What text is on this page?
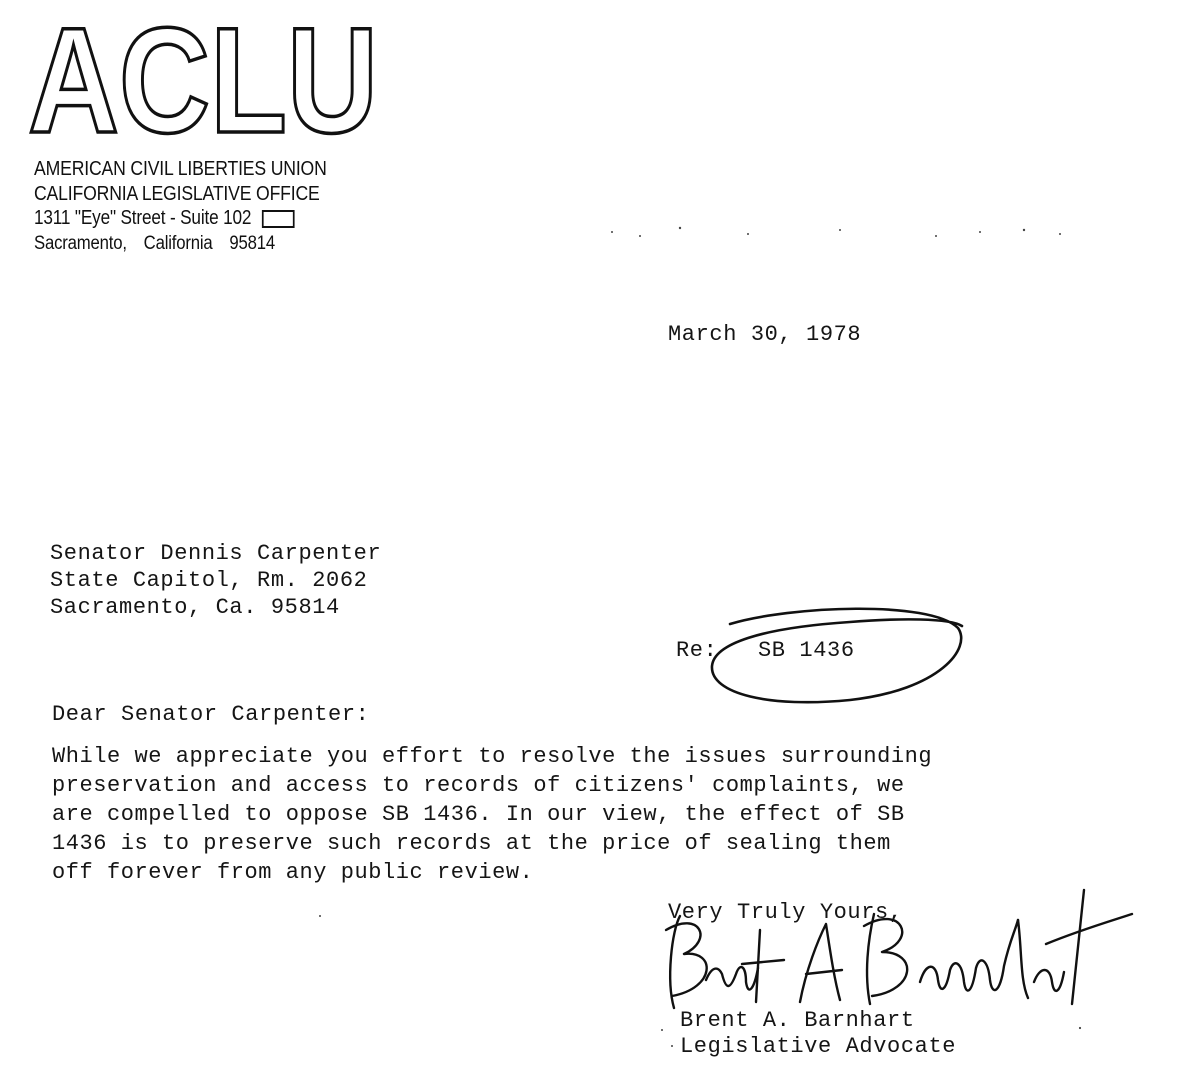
ACLU
AMERICAN CIVIL LIBERTIES UNION
CALIFORNIA LEGISLATIVE OFFICE
1311 "Eye" Street - Suite 102
Sacramento, California 95814
March 30, 1978
Senator Dennis Carpenter
State Capitol, Rm. 2062
Sacramento, Ca. 95814
Re: SB 1436
Dear Senator Carpenter:
While we appreciate you effort to resolve the issues surrounding
preservation and access to records of citizens' complaints, we
are compelled to oppose SB 1436. In our view, the effect of SB
1436 is to preserve such records at the price of sealing them
off forever from any public review.
Very Truly Yours,
Brent A. Barnhart Brent A. Barnhart
Legislative Advocate
